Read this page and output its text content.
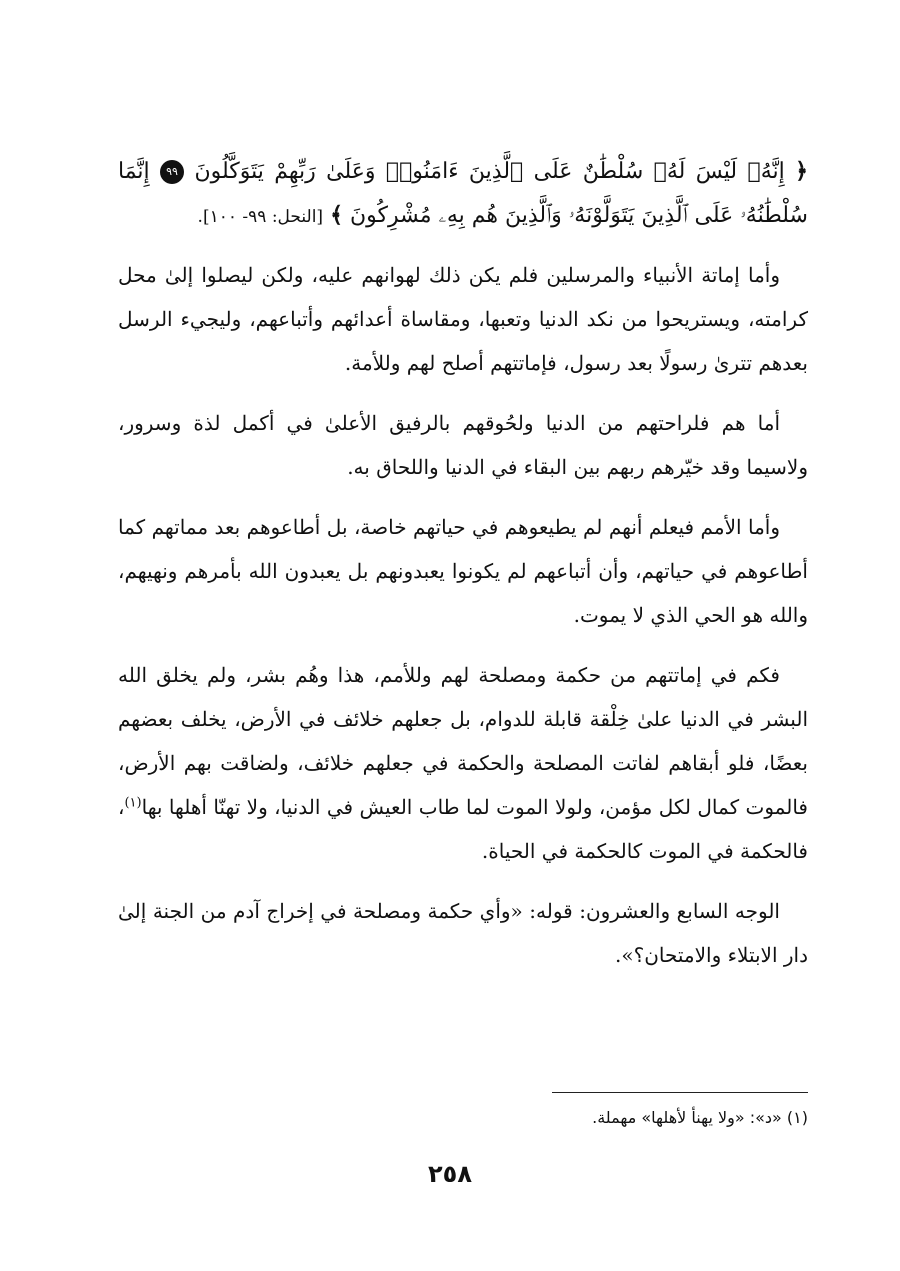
﴿ إِنَّهُۥ لَيْسَ لَهُۥ سُلْطَٰنٌ عَلَى ٱلَّذِينَ ءَامَنُوا۟ وَعَلَىٰ رَبِّهِمْ يَتَوَكَّلُونَ ٩٩ إِنَّمَا سُلْطَٰنُهُۥ عَلَى ٱلَّذِينَ يَتَوَلَّوْنَهُۥ وَٱلَّذِينَ هُم بِهِۦ مُشْرِكُونَ ﴾ [النحل: ٩٩- ١٠٠].

وأما إماتة الأنبياء والمرسلين فلم يكن ذلك لهوانهم عليه، ولكن ليصلوا إلىٰ محل كرامته، ويستريحوا من نكد الدنيا وتعبها، ومقاساة أعدائهم وأتباعهم، وليجيء الرسل بعدهم تترىٰ رسولًا بعد رسول، فإماتتهم أصلح لهم وللأمة.

أما هم فلراحتهم من الدنيا ولحُوقهم بالرفيق الأعلىٰ في أكمل لذة وسرور، ولاسيما وقد خيّرهم ربهم بين البقاء في الدنيا واللحاق به.

وأما الأمم فيعلم أنهم لم يطيعوهم في حياتهم خاصة، بل أطاعوهم بعد مماتهم كما أطاعوهم في حياتهم، وأن أتباعهم لم يكونوا يعبدونهم بل يعبدون الله بأمرهم ونهيهم، والله هو الحي الذي لا يموت.

فكم في إماتتهم من حكمة ومصلحة لهم وللأمم، هذا وهُم بشر، ولم يخلق الله البشر في الدنيا علىٰ خِلْقة قابلة للدوام، بل جعلهم خلائف في الأرض، يخلف بعضهم بعضًا، فلو أبقاهم لفاتت المصلحة والحكمة في جعلهم خلائف، ولضاقت بهم الأرض، فالموت كمال لكل مؤمن، ولولا الموت لما طاب العيش في الدنيا، ولا تهنّا أهلها بها$^{(١)}$، فالحكمة في الموت كالحكمة في الحياة.

الوجه السابع والعشرون: قوله: «وأي حكمة ومصلحة في إخراج آدم من الجنة إلىٰ دار الابتلاء والامتحان؟».

(١) «د»: «ولا يهنأ لأهلها» مهملة.
٢٥٨
